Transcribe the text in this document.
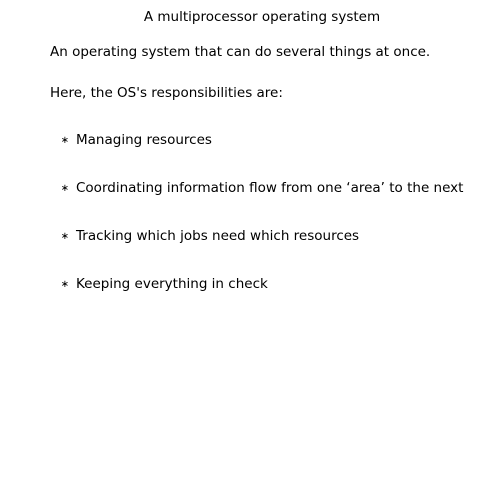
A multiprocessor operating system
An operating system that can do several things at once.
Here, the OS's responsibilities are:
∗ Managing resources
∗ Coordinating information flow from one ‘area’ to the next
∗ Tracking which jobs need which resources
∗ Keeping everything in check
